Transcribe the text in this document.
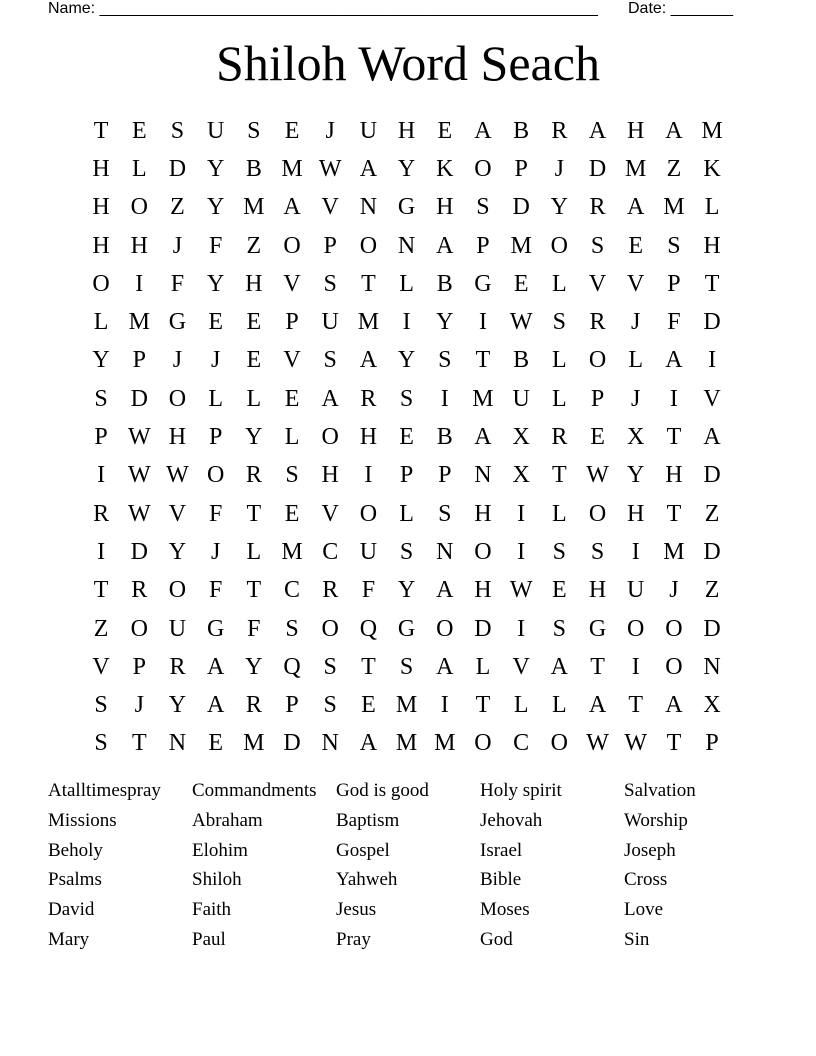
Name: ________________________________________________________ Date: _______
Shiloh Word Seach
T E	S U S	E	J	U H E A B R A H A M
H L D Y B M W A Y K O P	J	D M Z K
H O Z Y M A V N G H S D Y R A M L
H H	J	F	Z O P O N A P M O S	E	S H
O	I	F Y H V S	T L B G E L V V P	T
L M G E E	P U M I	Y	I W S R	J	F D
Y P	J	J	E V S A Y S	T B L O L A	I
S D O L L E A R S	I M U L	P	J	I	V
P W H P Y L O H E B A X R E X T A
I W W O R S H	I	P	P N X T W Y H D
R W V F	T E V O L	S H	I	L O H T Z
I	D Y	J	L M C U S N O	I	S	S	I M D
T R O F	T C R F Y A H W E H U	J	Z
Z O U G F	S O Q G O D	I	S G O O D
V P R A Y Q S	T	S A L V A T	I	O N
S	J	Y A R P	S	E M I	T L L A T A X
S	T N E M D N A M M O C O W W T	P
Atalltimespray	Commandments	God is good	Holy spirit	Salvation
Missions	Abraham	Baptism	Jehovah	Worship
Beholy	Elohim	Gospel	Israel	Joseph
Psalms	Shiloh	Yahweh	Bible	Cross
David	Faith	Jesus	Moses	Love
Mary	Paul	Pray	God	Sin
